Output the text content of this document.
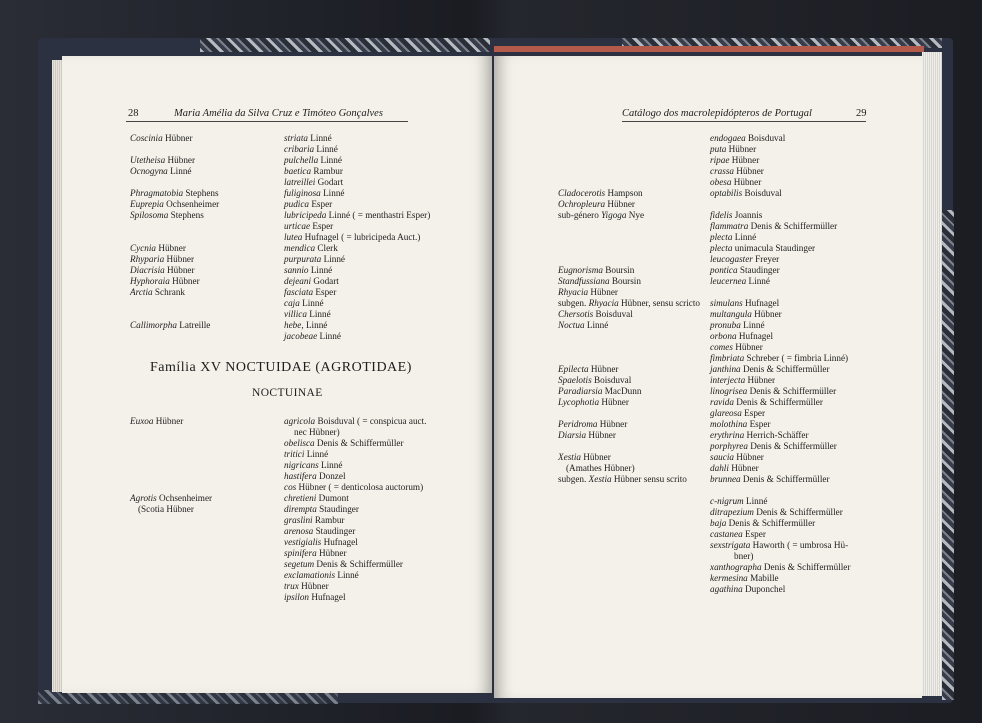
28	Maria Amélia da Silva Cruz e Timóteo Gonçalves
Coscinia Hübner
Utetheisa Hübner
Ocnogyna Linné
Phragmatobia Stephens
Euprepia Ochsenheimer
Spilosoma Stephens
Cycnia Hübner
Rhyparia Hübner
Diacrisia Hübner
Hyphoraia Hübner
Arctia Schrank
Callimorpha Latreille
striata Linné
cribaria Linné
pulchella Linné
baetica Rambur
latreillei Godart
fuliginosa Linné
pudica Esper
lubricipeda Linné ( = menthastri Esper)
urticae Esper
lutea Hufnagel ( = lubricipeda Auct.)
mendica Clerk
purpurata Linné
sannio Linné
dejeani Godart
fasciata Esper
caja Linné
villica Linné
hebe, Linné
jacobeae Linné
Família XV NOCTUIDAE (AGROTIDAE)
NOCTUINAE
Euxoa Hübner
Agrotis Ochsenheimer
(Scotia Hübner
agricola Boisduval ( = conspicua auct.
nec Hübner)
obelisca Denis & Schiffermüller
tritici Linné
nigricans Linné
hastifera Donzel
cos Hübner ( = denticolosa auctorum)
chretieni Dumont
dirempta Staudinger
graslini Rambur
arenosa Staudinger
vestigialis Hufnagel
spinifera Hübner
segetum Denis & Schiffermüller
exclamationis Linné
trux Hübner
ipsilon Hufnagel
Catálogo dos macrolepidópteros de Portugal	29
Cladocerotis Hampson
Ochropleura Hübner
sub-género Yigoga Nye
Eugnorisma Boursin
Standfussiana Boursin
Rhyacia Hübner
subgen. Rhyacia Hübner, sensu scricto
Chersotis Boisduval
Noctua Linné
Epilecta Hübner
Spaelotis Boisduval
Paradiarsia MacDunn
Lycophotia Hübner
Peridroma Hübner
Diarsia Hübner
Xestia Hübner
(Amathes Hübner)
subgen. Xestia Hübner sensu scrito
endogaea Boisduval
puta Hübner
ripae Hübner
crassa Hübner
obesa Hübner
optabilis Boisduval
fidelis Joannis
flammatra Denis & Schiffermüller
plecta Linné
plecta unimacula Staudinger
leucogaster Freyer
pontica Staudinger
leucernea Linné
simulans Hufnagel
multangula Hübner
pronuba Linné
orbona Hufnagel
comes Hübner
fimbriata Schreber ( = fimbria Linné)
janthina Denis & Schiffermüller
interjecta Hübner
linogrisea Denis & Schiffermüller
ravida Denis & Schiffermüller
glareosa Esper
molothina Esper
erythrina Herrich-Schäffer
porphyrea Denis & Schiffermüller
saucia Hübner
dahli Hübner
brunnea Denis & Schiffermüller
c-nigrum Linné
ditrapezium Denis & Schiffermüller
baja Denis & Schiffermüller
castanea Esper
sexstrigata Haworth ( = umbrosa Hü-
bner)
xanthographa Denis & Schiffermüller
kermesina Mabille
agathina Duponchel
